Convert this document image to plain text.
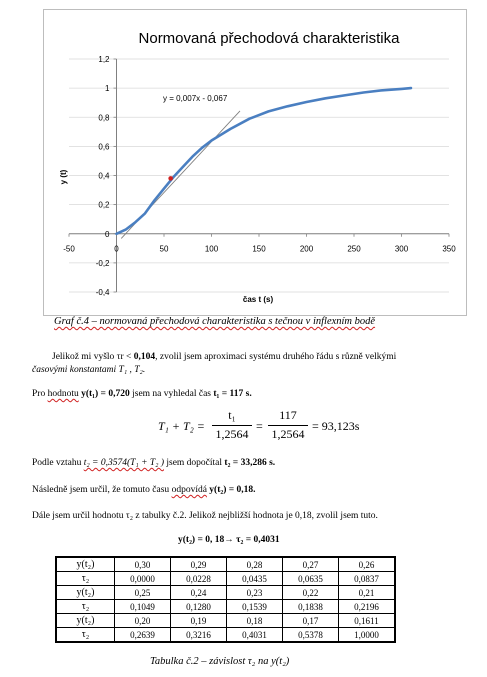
Normovaná přechodová charakteristika
-0,4
-0,2
0
0,2
0,4
0,6
0,8
1
1,2
-50	0	50	100	150	200	250	300	350
y = 0,007x - 0,067
čas t (s)
y (t)
Graf č.4 – normovaná přechodová charakteristika s tečnou v inflexním bodě
Jelikož mi vyšlo τr < 0,104, zvolil jsem aproximaci systému druhého řádu s různě velkými
časovými konstantami T₁ , T₂.
Pro hodnotu y(t₁) = 0,720 jsem na vyhledal čas t₁ = 117 s.
T₁ + T₂ =
t₁
1,2564
=
117
1,2564
= 93,123s
Podle vztahu t₂ = 0,3574(T₁ + T₂ ) jsem dopočítal t₂ = 33,286 s.
Následně jsem určil, že tomuto času odpovídá y(t₂) = 0,18.
Dále jsem určil hodnotu τ₂ z tabulky č.2. Jelikož nejbližší hodnota je 0,18, zvolil jsem tuto.
y(t₂) = 0, 18→ τ₂ = 0,4031
y(t₂)	0,30	0,29	0,28	0,27	0,26
τ₂	0,0000	0,0228	0,0435	0,0635	0,0837
y(t₂)	0,25	0,24	0,23	0,22	0,21
τ₂	0,1049	0,1280	0,1539	0,1838	0,2196
y(t₂)	0,20	0,19	0,18	0,17	0,1611
τ₂	0,2639	0,3216	0,4031	0,5378	1,0000
Tabulka č.2 – závislost τ₂ na y(t₂)
